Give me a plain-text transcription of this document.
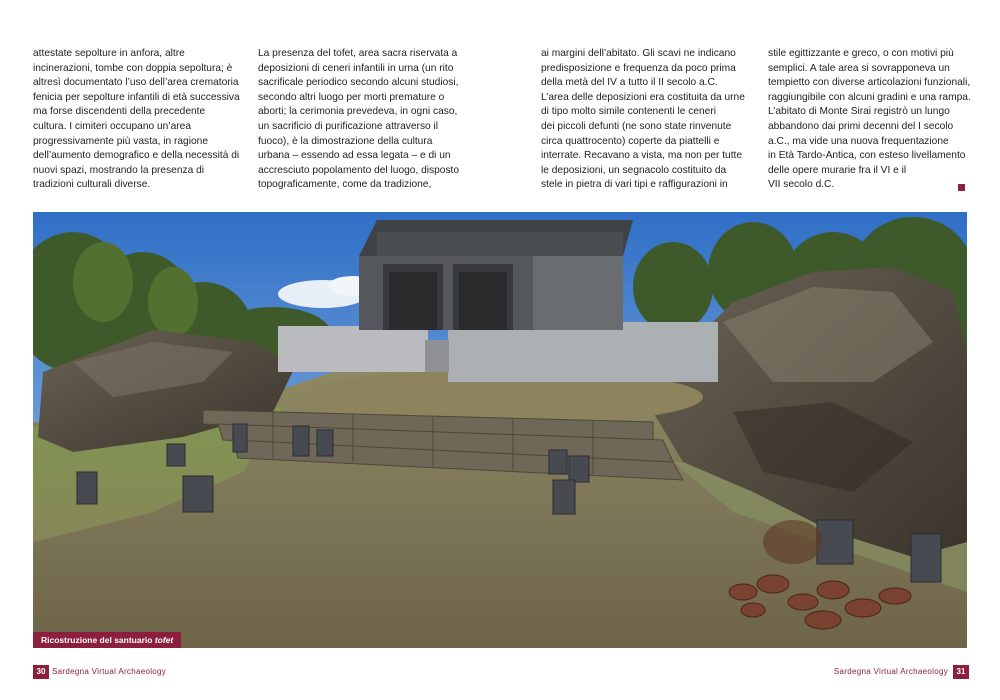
attestate sepolture in anfora, altre
incinerazioni, tombe con doppia sepoltura; è
altresì documentato l’uso dell’area crematoria
fenicia per sepolture infantili di età successiva
ma forse discendenti della precedente
cultura. I cimiteri occupano un’area
progressivamente più vasta, in ragione
dell’aumento demografico e della necessità di
nuovi spazi, mostrando la presenza di
tradizioni culturali diverse.
La presenza del tofet, area sacra riservata a
deposizioni di ceneri infantili in urna (un rito
sacrificale periodico secondo alcuni studiosi,
secondo altri luogo per morti premature o
aborti; la cerimonia prevedeva, in ogni caso,
un sacrificio di purificazione attraverso il
fuoco), è la dimostrazione della cultura
urbana – essendo ad essa legata – e di un
accresciuto popolamento del luogo, disposto
topograficamente, come da tradizione,
ai margini dell’abitato. Gli scavi ne indicano
predisposizione e frequenza da poco prima
della metà del IV a tutto il II secolo a.C.
L’area delle deposizioni era costituita da urne
di tipo molto simile contenenti le ceneri
dei piccoli defunti (ne sono state rinvenute
circa quattrocento) coperte da piattelli e
interrate. Recavano a vista, ma non per tutte
le deposizioni, un segnacolo costituito da
stele in pietra di vari tipi e raffigurazioni in
stile egittizzante e greco, o con motivi più
semplici. A tale area si sovrapponeva un
tempietto con diverse articolazioni funzionali,
raggiungibile con alcuni gradini e una rampa.
L’abitato di Monte Sirai registrò un lungo
abbandono dai primi decenni del I secolo
a.C., ma vide una nuova frequentazione
in Età Tardo-Antica, con esteso livellamento
delle opere murarie fra il VI e il
VII secolo d.C.
Ricostruzione del santuario tofet
30 Sardegna Virtual Archaeology	Sardegna Virtual Archaeology	31
